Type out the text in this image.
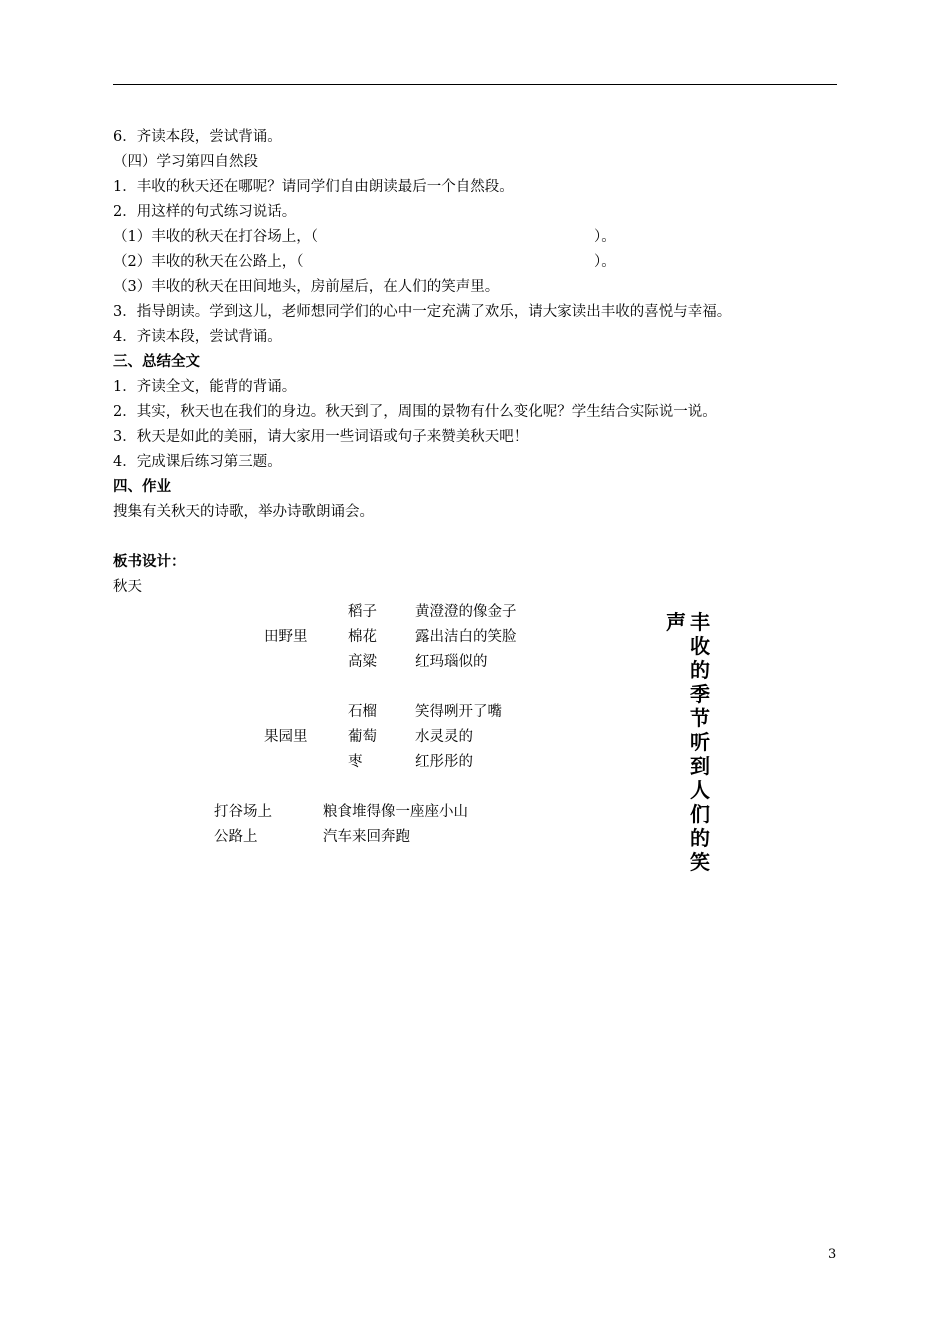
6．齐读本段，尝试背诵。
（四）学习第四自然段
1．丰收的秋天还在哪呢？请同学们自由朗读最后一个自然段。
2．用这样的句式练习说话。
（1）丰收的秋天在打谷场上，（	）。
（2）丰收的秋天在公路上，（	）。
（3）丰收的秋天在田间地头，房前屋后，在人们的笑声里。
3．指导朗读。学到这儿，老师想同学们的心中一定充满了欢乐，请大家读出丰收的喜悦与幸福。
4．齐读本段，尝试背诵。
三、总结全文
1．齐读全文，能背的背诵。
2．其实，秋天也在我们的身边。秋天到了，周围的景物有什么变化呢？学生结合实际说一说。
3．秋天是如此的美丽，请大家用一些词语或句子来赞美秋天吧！
4．完成课后练习第三题。
四、作业
搜集有关秋天的诗歌，举办诗歌朗诵会。
板书设计：
秋天
田野里
稻子	黄澄澄的像金子
棉花	露出洁白的笑脸
高粱	红玛瑙似的
果园里
石榴	笑得咧开了嘴
葡萄	水灵灵的
枣	红彤彤的
打谷场上	粮食堆得像一座座小山
公路上	汽车来回奔跑
丰
收
的
季
节
听
到
人
们
的
笑
声
3
